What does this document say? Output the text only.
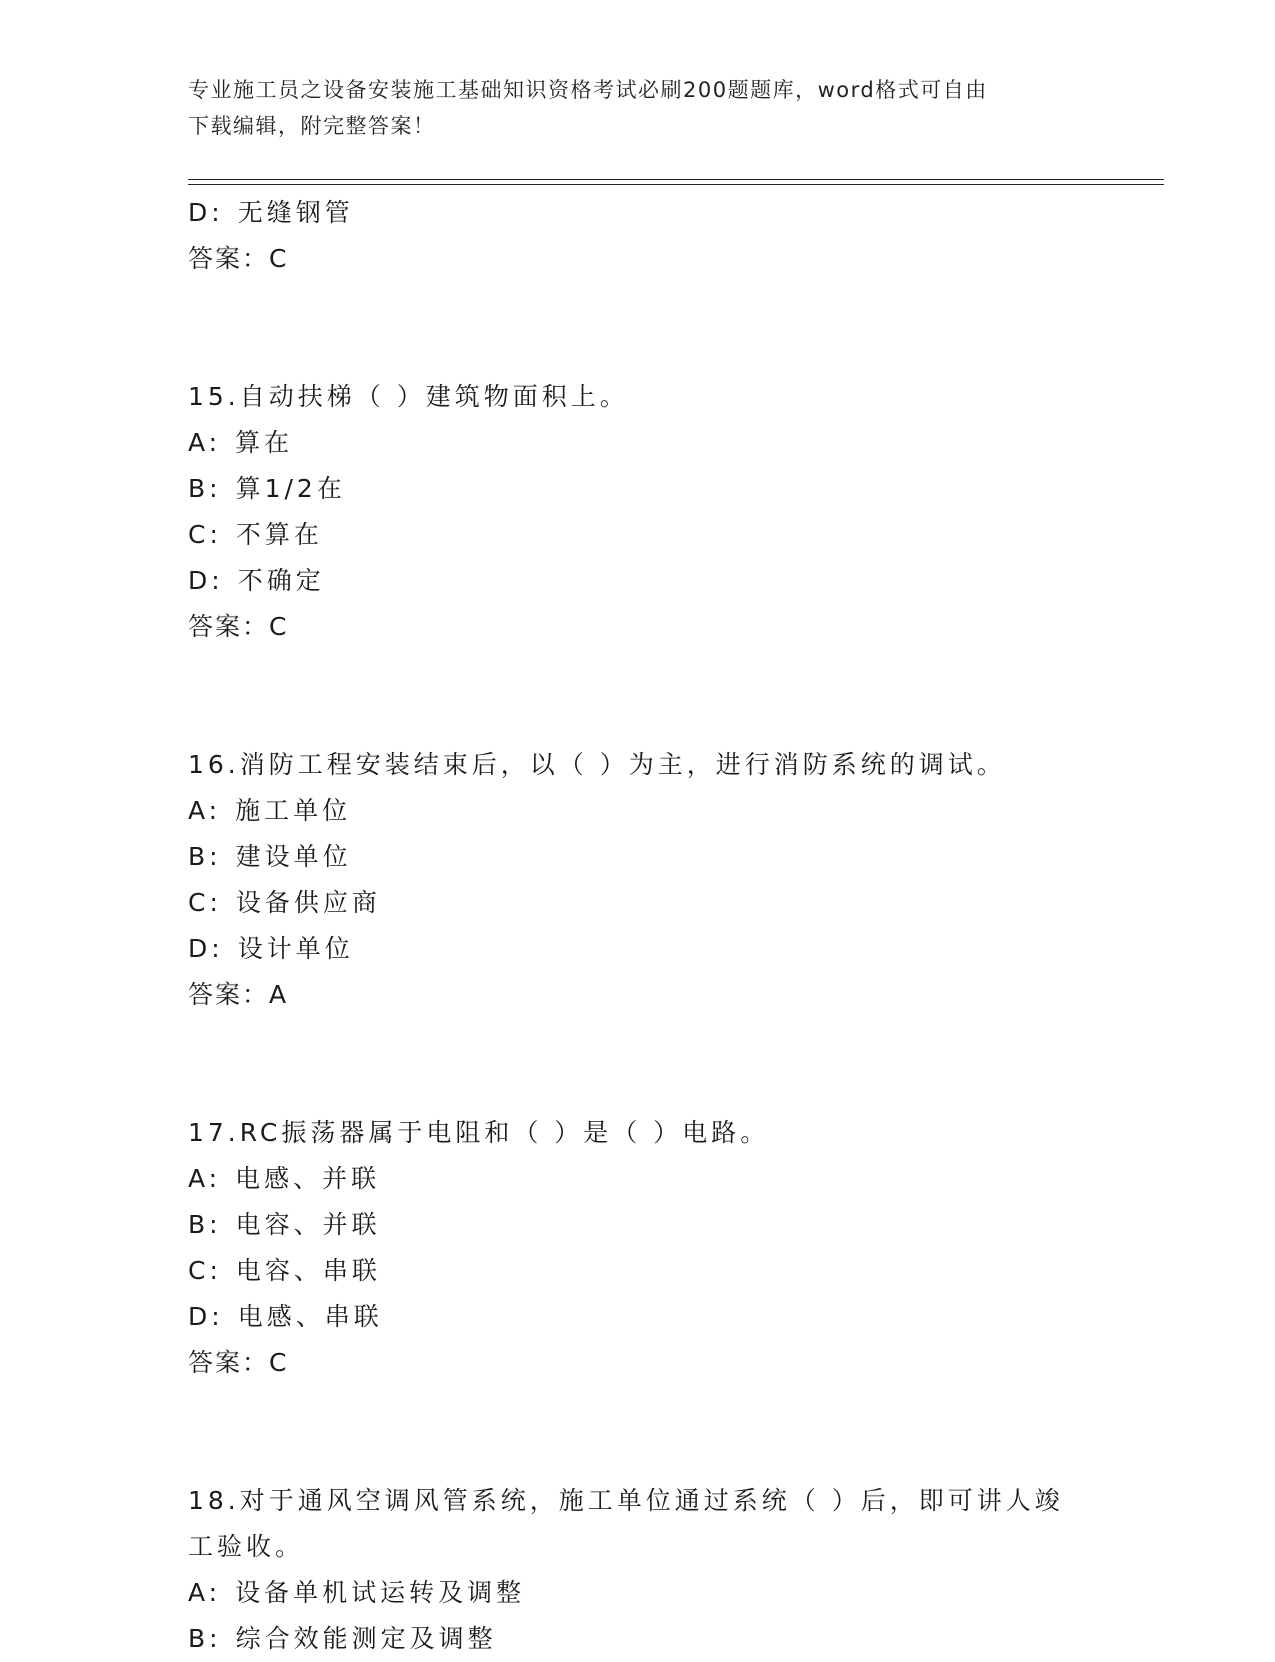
专业施工员之设备安装施工基础知识资格考试必刷200题题库，word格式可自由
下载编辑，附完整答案！
D: 无缝钢管
答案：C
15.自动扶梯（ ）建筑物面积上。
A: 算在
B: 算1/2在
C: 不算在
D: 不确定
答案：C
16.消防工程安装结束后，以（ ）为主，进行消防系统的调试。
A: 施工单位
B: 建设单位
C: 设备供应商
D: 设计单位
答案：A
17.RC振荡器属于电阻和（ ）是（ ）电路。
A: 电感、并联
B: 电容、并联
C: 电容、串联
D: 电感、串联
答案：C
18.对于通风空调风管系统，施工单位通过系统（ ）后，即可讲人竣
工验收。
A: 设备单机试运转及调整
B: 综合效能测定及调整
